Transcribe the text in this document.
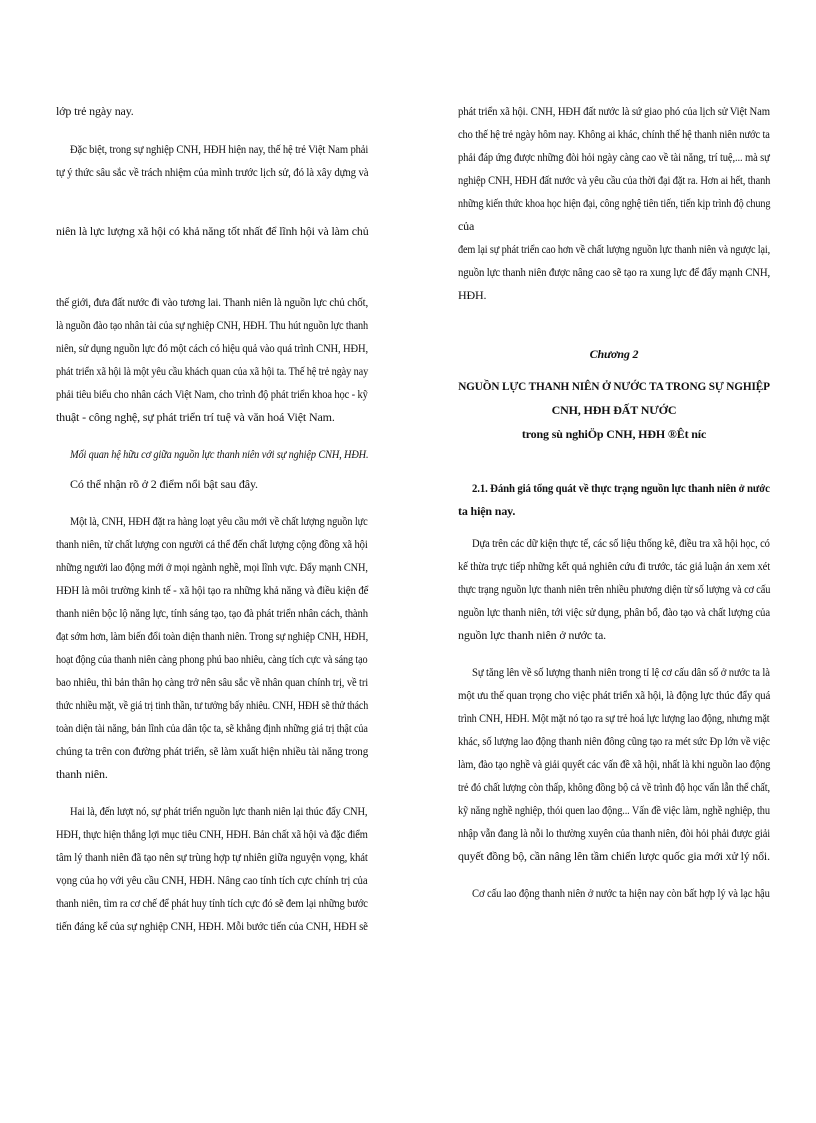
lớp trẻ ngày nay.
Đặc biệt, trong sự nghiệp CNH, HĐH hiện nay, thế hệ trẻ Việt Nam phải
tự ý thức sâu sắc về trách nhiệm của mình trước lịch sử, đó là xây dựng và
niên là lực lượng xã hội có khả năng tốt nhất để lĩnh hội và làm chủ
thế giới, đưa đất nước đi vào tương lai. Thanh niên là nguồn lực chủ chốt,
là nguồn đào tạo nhân tài của sự nghiệp CNH, HĐH. Thu hút nguồn lực thanh
niên, sử dụng nguồn lực đó một cách có hiệu quả vào quá trình CNH, HĐH,
phát triển xã hội là một yêu cầu khách quan của xã hội ta. Thế hệ trẻ ngày nay
phải tiêu biểu cho nhân cách Việt Nam, cho trình độ phát triển khoa học - kỹ
thuật - công nghệ, sự phát triển trí tuệ và văn hoá Việt Nam.
Mối quan hệ hữu cơ giữa nguồn lực thanh niên với sự nghiệp CNH, HĐH.
Có thể nhận rõ ở 2 điểm nổi bật sau đây.
Một là, CNH, HĐH đặt ra hàng loạt yêu cầu mới về chất lượng nguồn lực
thanh niên, từ chất lượng con người cá thể đến chất lượng cộng đồng xã hội
những người lao động mới ở mọi ngành nghề, mọi lĩnh vực. Đẩy mạnh CNH,
HĐH là môi trường kinh tế - xã hội tạo ra những khả năng và điều kiện để
thanh niên bộc lộ năng lực, tính sáng tạo, tạo đà phát triển nhân cách, thành
đạt sớm hơn, làm biến đổi toàn diện thanh niên. Trong sự nghiệp CNH, HĐH,
hoạt động của thanh niên càng phong phú bao nhiêu, càng tích cực và sáng tạo
bao nhiêu, thì bản thân họ càng trở nên sâu sắc về nhân quan chính trị, về tri
thức nhiều mặt, về giá trị tinh thần, tư tưởng bấy nhiêu. CNH, HĐH sẽ thử thách
toàn diện tài năng, bản lĩnh của dân tộc ta, sẽ khẳng định những giá trị thật của
chúng ta trên con đường phát triển, sẽ làm xuất hiện nhiều tài năng trong
thanh niên.
Hai là, đến lượt nó, sự phát triển nguồn lực thanh niên lại thúc đẩy CNH,
HĐH, thực hiện thắng lợi mục tiêu CNH, HĐH. Bản chất xã hội và đặc điểm
tâm lý thanh niên đã tạo nên sự trùng hợp tự nhiên giữa nguyện vọng, khát
vọng của họ với yêu cầu CNH, HĐH. Nâng cao tính tích cực chính trị của
thanh niên, tìm ra cơ chế để phát huy tính tích cực đó sẽ đem lại những bước
tiến đáng kể của sự nghiệp CNH, HĐH. Mỗi bước tiến của CNH, HĐH sẽ
phát triển xã hội. CNH, HĐH đất nước là sứ giao phó của lịch sử Việt Nam
cho thế hệ trẻ ngày hôm nay. Không ai khác, chính thế hệ thanh niên nước ta
phải đáp ứng được những đòi hỏi ngày càng cao về tài năng, trí tuệ,... mà sự
nghiệp CNH, HĐH đất nước và yêu cầu của thời đại đặt ra. Hơn ai hết, thanh
những kiến thức khoa học hiện đại, công nghệ tiên tiến, tiến kịp trình độ chung
của
đem lại sự phát triển cao hơn về chất lượng nguồn lực thanh niên và ngược lại,
nguồn lực thanh niên được nâng cao sẽ tạo ra xung lực để đẩy mạnh CNH,
HĐH.
Chương 2
NGUỒN LỰC THANH NIÊN Ở NƯỚC TA TRONG SỰ NGHIỆP
CNH, HĐH ĐẤT NƯỚC
trong sù nghiÖp CNH, HĐH ®Êt níc
2.1. Đánh giá tổng quát về thực trạng nguồn lực thanh niên ở nước
ta hiện nay.
Dựa trên các dữ kiện thực tế, các số liệu thống kê, điều tra xã hội học, có
kế thừa trực tiếp những kết quả nghiên cứu đi trước, tác giả luận án xem xét
thực trạng nguồn lực thanh niên trên nhiều phương diện từ số lượng và cơ cấu
nguồn lực thanh niên, tới việc sử dụng, phân bổ, đào tạo và chất lượng của
nguồn lực thanh niên ở nước ta.
Sự tăng lên về số lượng thanh niên trong tỉ lệ cơ cấu dân số ở nước ta là
một ưu thế quan trọng cho việc phát triển xã hội, là động lực thúc đẩy quá
trình CNH, HĐH. Một mặt nó tạo ra sự trẻ hoá lực lượng lao động, nhưng mặt
khác, số lượng lao động thanh niên đông cũng tạo ra mét sức Ðp lớn về việc
làm, đào tạo nghề và giải quyết các vấn đề xã hội, nhất là khi nguồn lao động
trẻ đó chất lượng còn thấp, không đồng bộ cả về trình độ học vấn lẫn thể chất,
kỹ năng nghề nghiệp, thói quen lao động... Vấn đề việc làm, nghề nghiệp, thu
nhập vẫn đang là nỗi lo thường xuyên của thanh niên, đòi hỏi phải được giải
quyết đồng bộ, cần nâng lên tầm chiến lược quốc gia mới xử lý nổi.
Cơ cấu lao động thanh niên ở nước ta hiện nay còn bất hợp lý và lạc hậu
